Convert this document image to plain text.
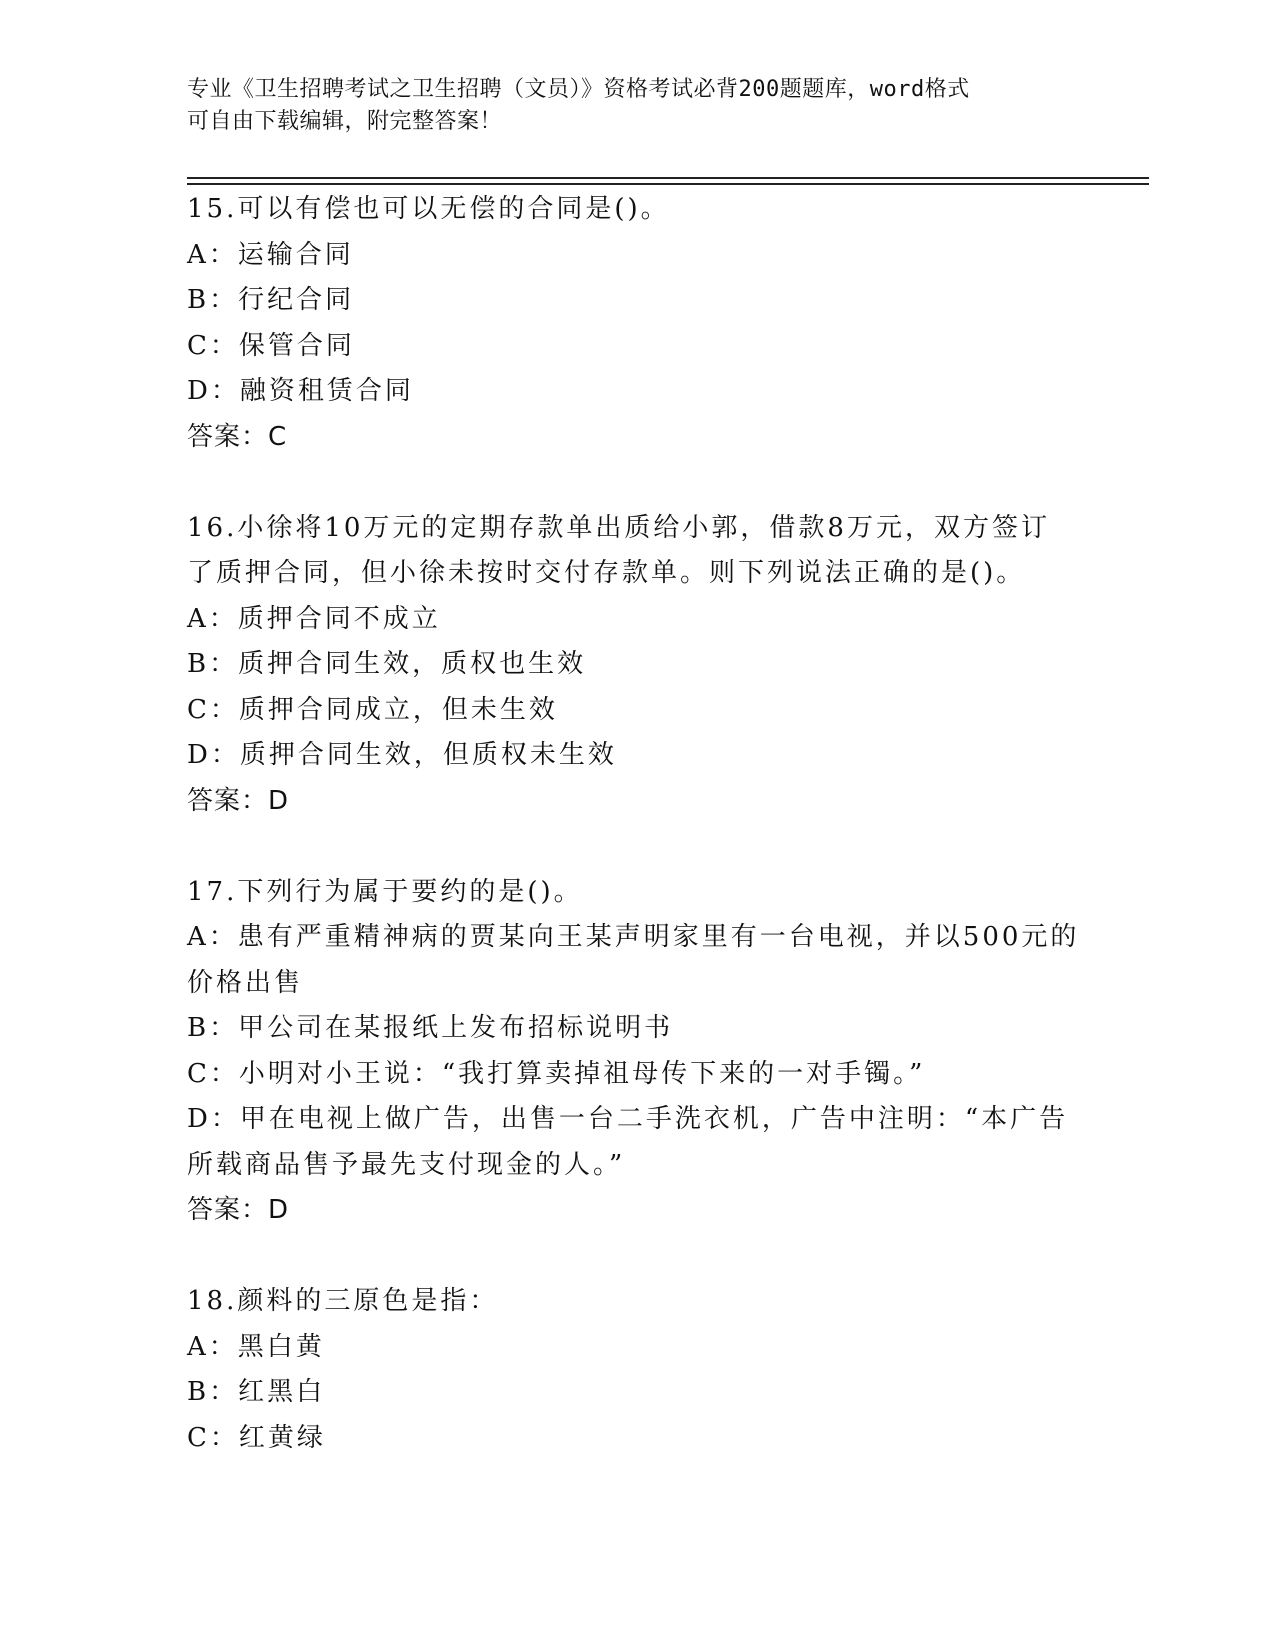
专业《卫生招聘考试之卫生招聘（文员）》资格考试必背200题题库，word格式
可自由下载编辑，附完整答案！
15.可以有偿也可以无偿的合同是()。
A：运输合同
B：行纪合同
C：保管合同
D：融资租赁合同
答案：C
16.小徐将10万元的定期存款单出质给小郭，借款8万元，双方签订
了质押合同，但小徐未按时交付存款单。则下列说法正确的是()。
A：质押合同不成立
B：质押合同生效，质权也生效
C：质押合同成立，但未生效
D：质押合同生效，但质权未生效
答案：D
17.下列行为属于要约的是()。
A：患有严重精神病的贾某向王某声明家里有一台电视，并以500元的
价格出售
B：甲公司在某报纸上发布招标说明书
C：小明对小王说：“我打算卖掉祖母传下来的一对手镯。”
D：甲在电视上做广告，出售一台二手洗衣机，广告中注明：“本广告
所载商品售予最先支付现金的人。”
答案：D
18.颜料的三原色是指：
A：黑白黄
B：红黑白
C：红黄绿
